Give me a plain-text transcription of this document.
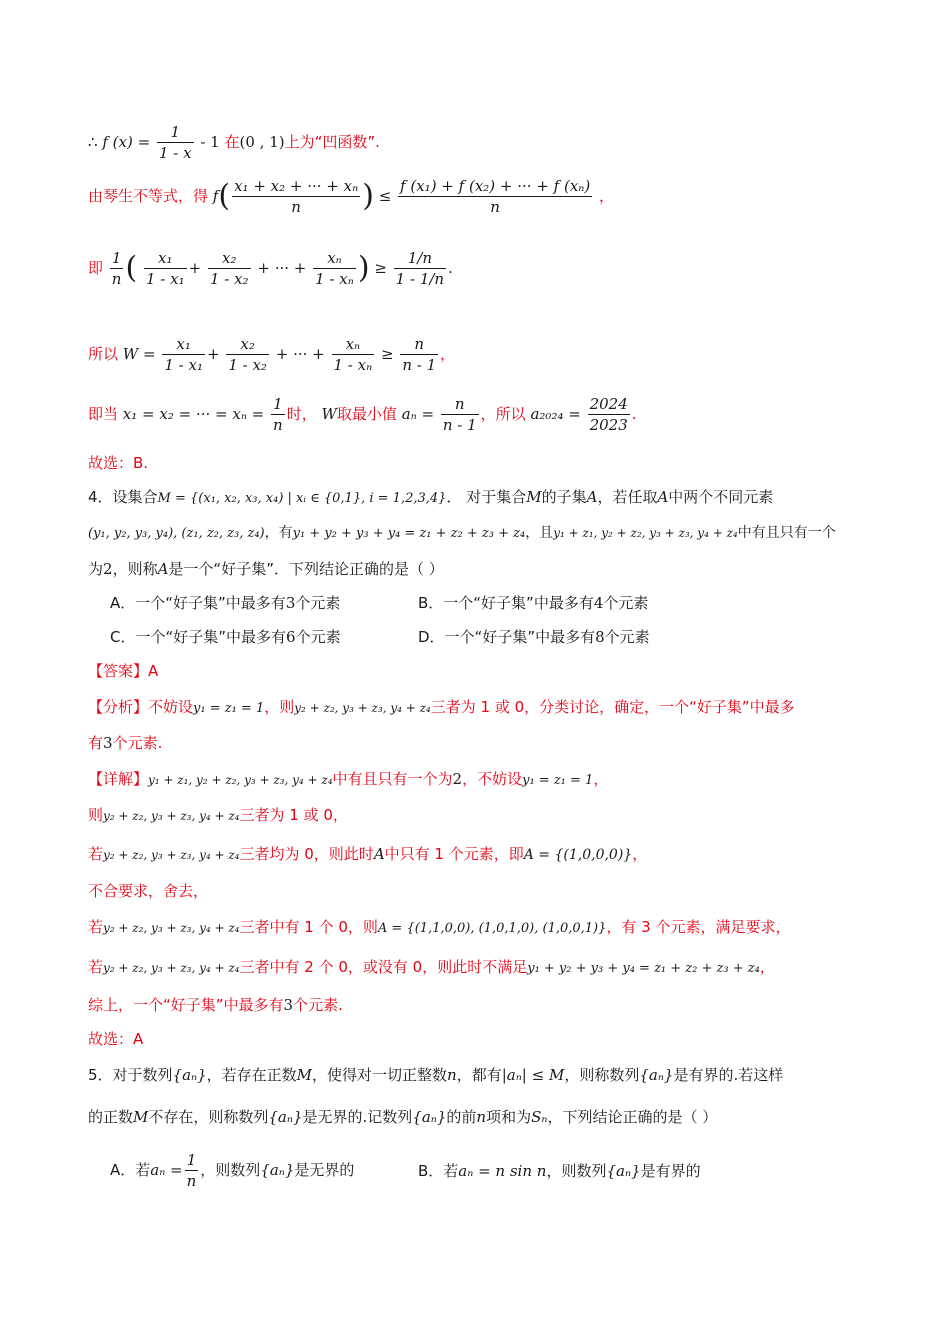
∴ f $(x) = \frac{1}{1 - x} - 1$ 在(0 , 1)上为“凹函数”.
由琴生不等式，得 $f( \frac{\text{x₁ + x₂ + ··· + xₙ}}{n}$ ) ≤ $\frac{\text{f (x₁) + f (x₂) + ··· + f (xₙ)}}{n}$ ，
即 $\frac{1}{n}$ ( $\frac{\text{x₁}}{\text{1 - x₁}} + \frac{\text{x₂}}{\text{1 - x₂}}$ + ··· + $\frac{\text{xₙ}}{\text{1 - xₙ}}$ ) ≥ $\frac{1/n}{1 - 1/n}$ .
所以 $W = \frac{\text{x₁}}{\text{1 - x₁}} + \frac{\text{x₂}}{\text{1 - x₂}}$ + ··· + $\frac{\text{xₙ}}{\text{1 - xₙ}} \ge \frac{n}{n - 1}$ ，
即当 x₁ = x₂ = ··· = $x_n = \frac{1}{n}$ 时， W取最小值 $a_n = \frac{n}{n - 1}$ ，所以 $a_{2024} = \frac{2024}{2023}$ .
故选：B.
4．设集合M = {(x₁, x₂, x₃, x₄) | xᵢ ∈ {0,1}, i = 1,2,3,4}． 对于集合M的子集A，若任取A中两个不同元素
(y₁, y₂, y₃, y₄), (z₁, z₂, z₃, z₄)，有y₁ + y₂ + y₃ + y₄ = z₁ + z₂ + z₃ + z₄，且y₁ + z₁, y₂ + z₂, y₃ + z₃, y₄ + z₄中有且只有一个
为2，则称A是一个“好子集”．下列结论正确的是（ ）
A．一个“好子集”中最多有3个元素	B．一个“好子集”中最多有4个元素
C．一个“好子集”中最多有6个元素	D．一个“好子集”中最多有8个元素
【答案】A
【分析】不妨设y₁ = z₁ = 1，则y₂ + z₂, y₃ + z₃, y₄ + z₄三者为 1 或 0，分类讨论，确定，一个“好子集”中最多
有3个元素.
【详解】y₁ + z₁, y₂ + z₂, y₃ + z₃, y₄ + z₄中有且只有一个为2，不妨设y₁ = z₁ = 1，
则y₂ + z₂, y₃ + z₃, y₄ + z₄三者为 1 或 0，
若y₂ + z₂, y₃ + z₃, y₄ + z₄三者均为 0，则此时A中只有 1 个元素，即A = {(1,0,0,0)}，
不合要求，舍去，
若y₂ + z₂, y₃ + z₃, y₄ + z₄三者中有 1 个 0，则A = {(1,1,0,0), (1,0,1,0), (1,0,0,1)}，有 3 个元素，满足要求，
若y₂ + z₂, y₃ + z₃, y₄ + z₄三者中有 2 个 0，或没有 0，则此时不满足y₁ + y₂ + y₃ + y₄ = z₁ + z₂ + z₃ + z₄，
综上，一个“好子集”中最多有3个元素.
故选：A
5．对于数列{aₙ}，若存在正数M，使得对一切正整数n，都有|aₙ| ≤ M，则称数列{aₙ}是有界的.若这样
的正数M不存在，则称数列{aₙ}是无界的.记数列{aₙ}的前n项和为Sₙ，下列结论正确的是（ ）
A．若$a_n = \frac{1}{n}$ ，则数列{aₙ}是无界的	B．若aₙ = n sin n，则数列{aₙ}是有界的
